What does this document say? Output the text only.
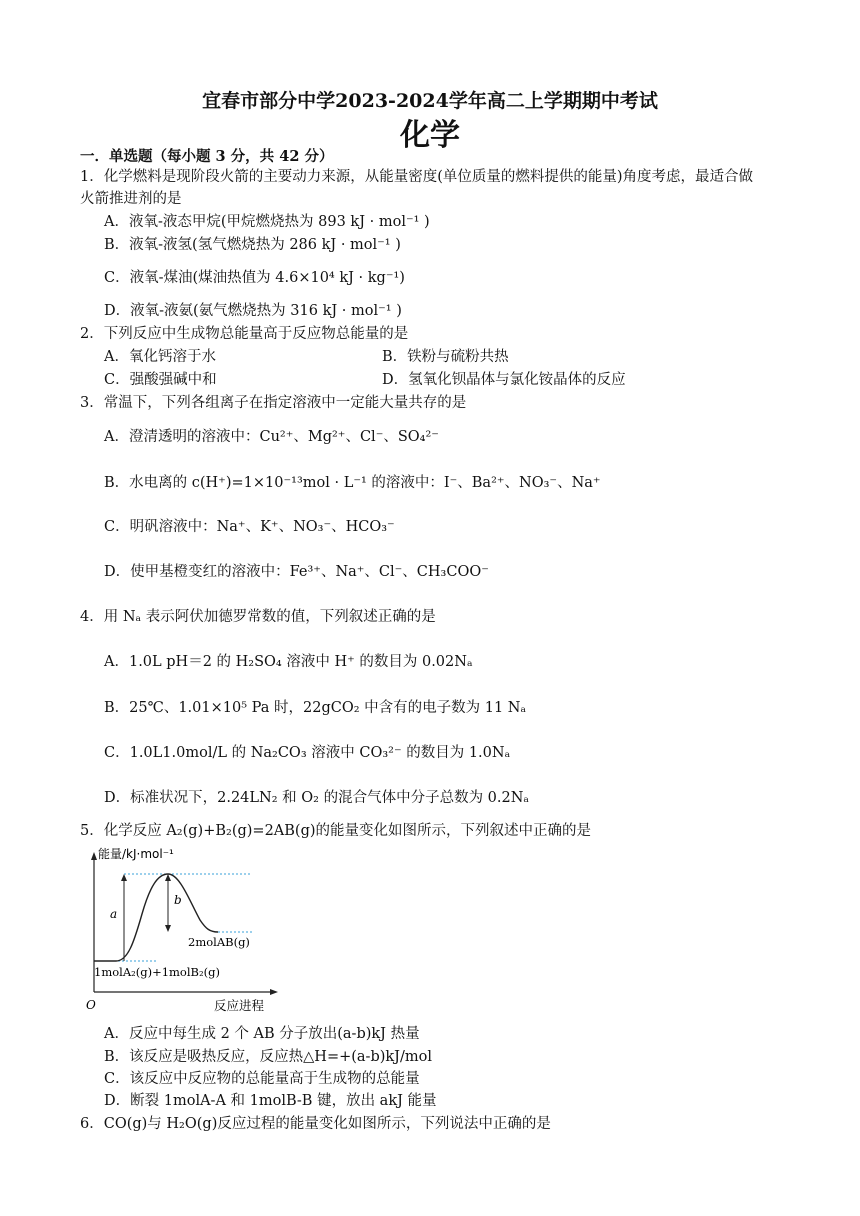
宜春市部分中学2023-2024学年高二上学期期中考试
化学
一．单选题（每小题 3 分，共 42 分）
1．化学燃料是现阶段火箭的主要动力来源，从能量密度(单位质量的燃料提供的能量)角度考虑，最适合做
火箭推进剂的是
A．液氧-液态甲烷(甲烷燃烧热为 893 kJ · mol⁻¹ )
B．液氧-液氢(氢气燃烧热为 286 kJ · mol⁻¹ )
C．液氧-煤油(煤油热值为 4.6×10⁴ kJ · kg⁻¹)
D．液氧-液氨(氨气燃烧热为 316 kJ · mol⁻¹ )
2．下列反应中生成物总能量高于反应物总能量的是
A．氧化钙溶于水	B．铁粉与硫粉共热
C．强酸强碱中和	D．氢氧化钡晶体与氯化铵晶体的反应
3．常温下，下列各组离子在指定溶液中一定能大量共存的是
A．澄清透明的溶液中：Cu²⁺、Mg²⁺、Cl⁻、SO₄²⁻
B．水电离的 c(H⁺)=1×10⁻¹³mol · L⁻¹ 的溶液中：I⁻、Ba²⁺、NO₃⁻、Na⁺
C．明矾溶液中：Na⁺、K⁺、NO₃⁻、HCO₃⁻
D．使甲基橙变红的溶液中：Fe³⁺、Na⁺、Cl⁻、CH₃COO⁻
4．用 Nₐ 表示阿伏加德罗常数的值，下列叙述正确的是
A．1.0L pH＝2 的 H₂SO₄ 溶液中 H⁺ 的数目为 0.02Nₐ
B．25℃、1.01×10⁵ Pa 时，22gCO₂ 中含有的电子数为 11 Nₐ
C．1.0L1.0mol/L 的 Na₂CO₃ 溶液中 CO₃²⁻ 的数目为 1.0Nₐ
D．标准状况下，2.24LN₂ 和 O₂ 的混合气体中分子总数为 0.2Nₐ
5．化学反应 A₂(g)+B₂(g)=2AB(g)的能量变化如图所示，下列叙述中正确的是
能量/kJ·mol⁻¹
a
b
2molAB(g)
1molA₂(g)+1molB₂(g)
O	反应进程
A．反应中每生成 2 个 AB 分子放出(a-b)kJ 热量
B．该反应是吸热反应，反应热△H=+(a-b)kJ/mol
C．该反应中反应物的总能量高于生成物的总能量
D．断裂 1molA-A 和 1molB-B 键，放出 akJ 能量
6．CO(g)与 H₂O(g)反应过程的能量变化如图所示，下列说法中正确的是
